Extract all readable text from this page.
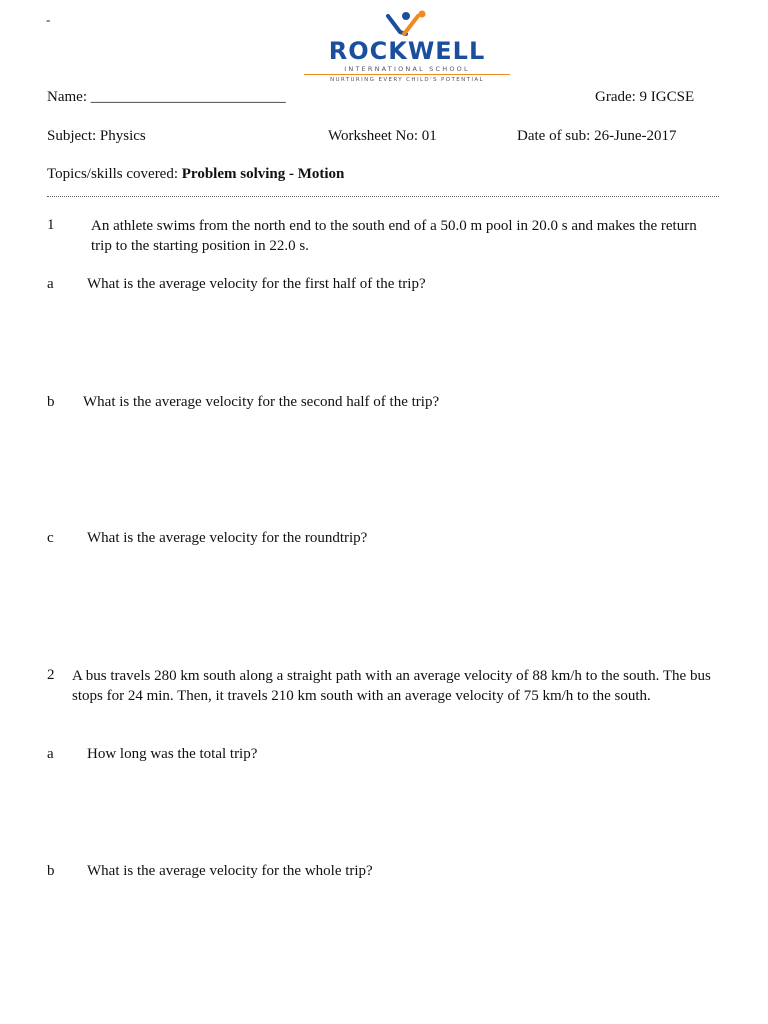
-
ROCKWELL
INTERNATIONAL SCHOOL
NURTURING EVERY CHILD'S POTENTIAL
Name: __________________________	Grade: 9 IGCSE
Subject: Physics	Worksheet No: 01	Date of sub: 26-June-2017
Topics/skills covered: Problem solving - Motion
1 An athlete swims from the north end to the south end of a 50.0 m pool in 20.0 s and makes the return trip to the starting position in 22.0 s.
a What is the average velocity for the first half of the trip?
b What is the average velocity for the second half of the trip?
c What is the average velocity for the roundtrip?
2 A bus travels 280 km south along a straight path with an average velocity of 88 km/h to the south. The bus stops for 24 min. Then, it travels 210 km south with an average velocity of 75 km/h to the south.
a How long was the total trip?
b What is the average velocity for the whole trip?
